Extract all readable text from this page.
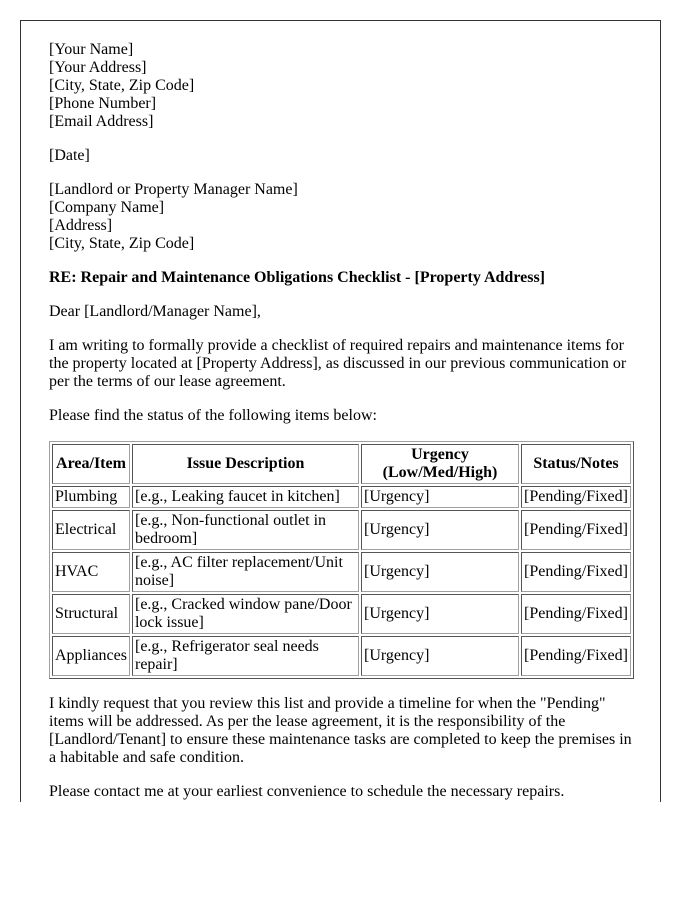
[Your Name]
[Your Address]
[City, State, Zip Code]
[Phone Number]
[Email Address]

[Date]

[Landlord or Property Manager Name]
[Company Name]
[Address]
[City, State, Zip Code]

RE: Repair and Maintenance Obligations Checklist - [Property Address]

Dear [Landlord/Manager Name],

I am writing to formally provide a checklist of required repairs and maintenance items for the property located at [Property Address], as discussed in our previous communication or per the terms of our lease agreement.

Please find the status of the following items below:

Area/Item	Issue Description	Urgency (Low/Med/High)	Status/Notes
Plumbing	[e.g., Leaking faucet in kitchen]	[Urgency]	[Pending/Fixed]
Electrical	[e.g., Non-functional outlet in bedroom]	[Urgency]	[Pending/Fixed]
HVAC	[e.g., AC filter replacement/Unit noise]	[Urgency]	[Pending/Fixed]
Structural	[e.g., Cracked window pane/Door lock issue]	[Urgency]	[Pending/Fixed]
Appliances	[e.g., Refrigerator seal needs repair]	[Urgency]	[Pending/Fixed]

I kindly request that you review this list and provide a timeline for when the "Pending" items will be addressed. As per the lease agreement, it is the responsibility of the [Landlord/Tenant] to ensure these maintenance tasks are completed to keep the premises in a habitable and safe condition.

Please contact me at your earliest convenience to schedule the necessary repairs.
